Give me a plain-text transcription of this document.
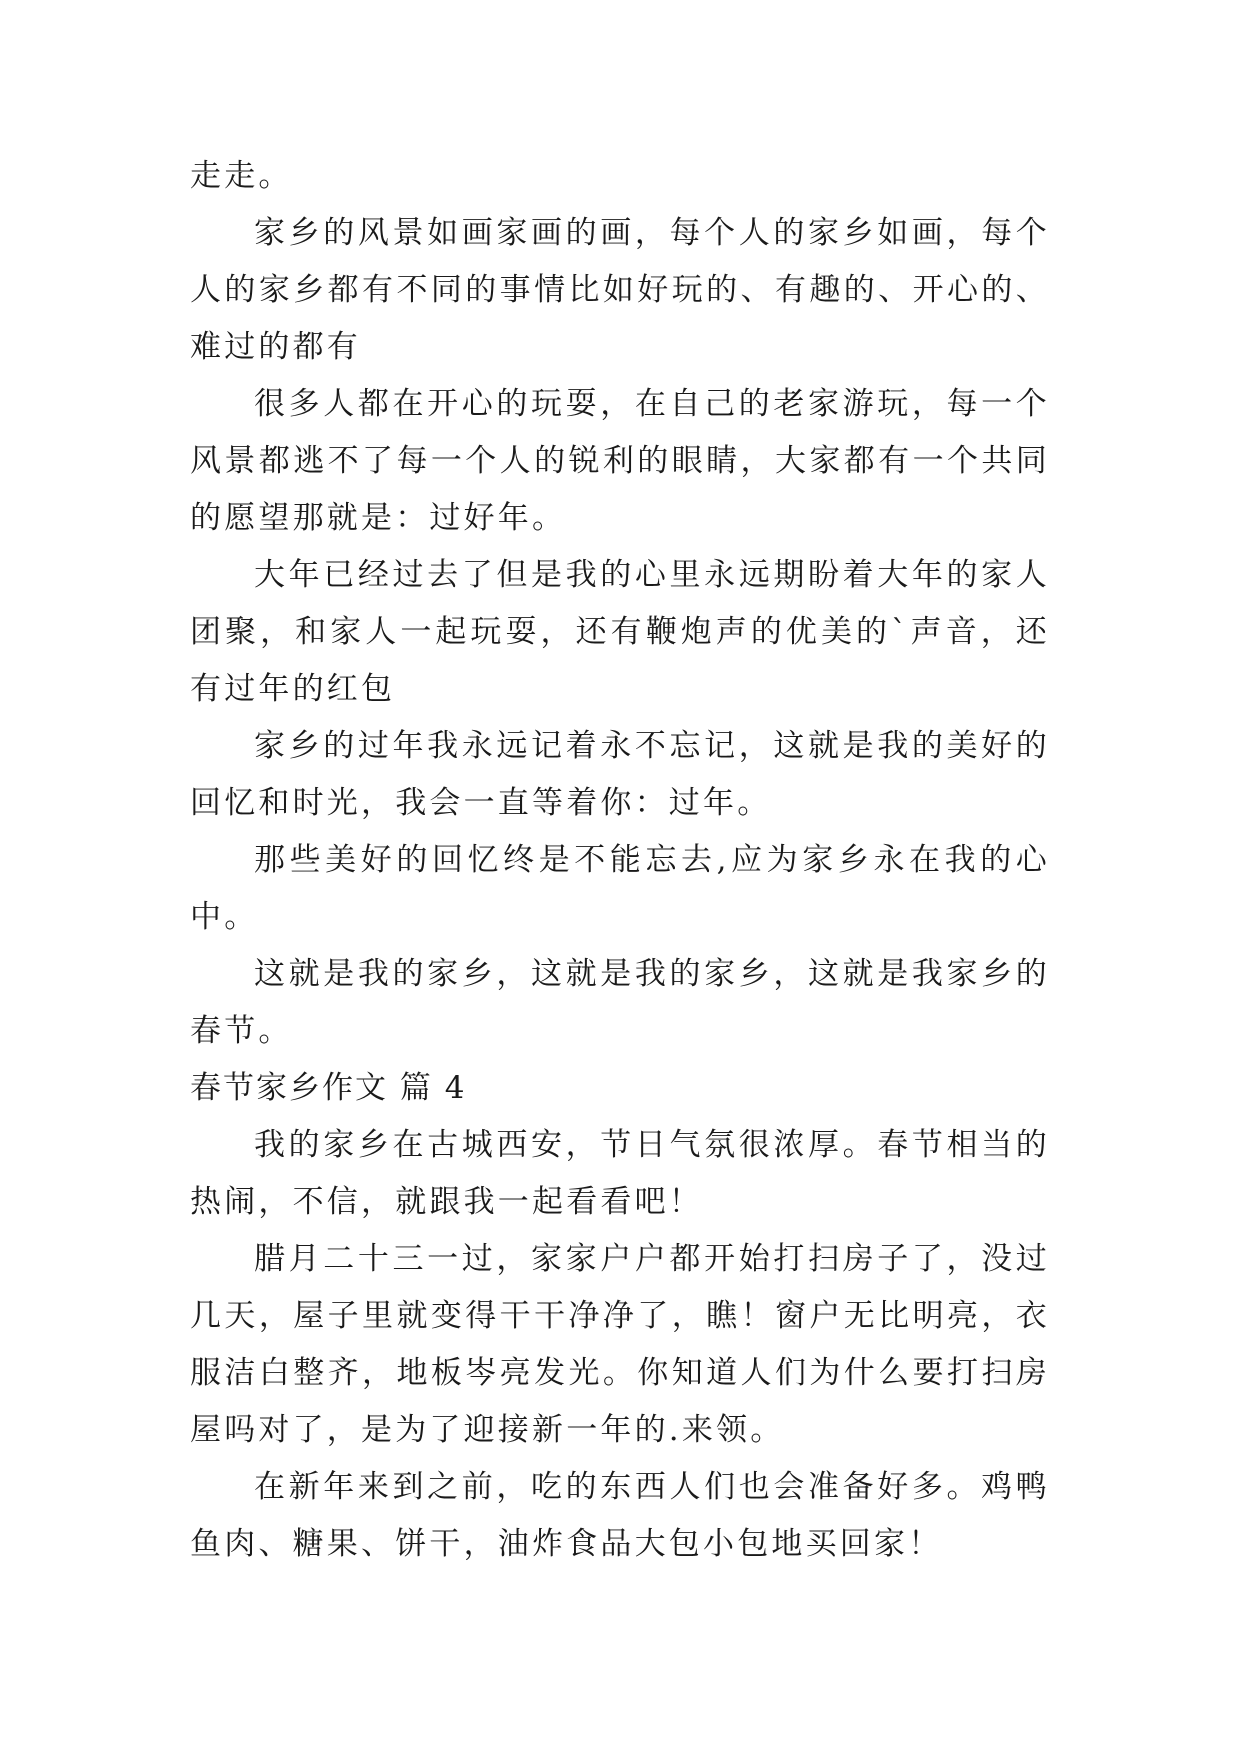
走走。

家乡的风景如画家画的画，每个人的家乡如画，每个人的家乡都有不同的事情比如好玩的、有趣的、开心的、难过的都有

很多人都在开心的玩耍，在自己的老家游玩，每一个风景都逃不了每一个人的锐利的眼睛，大家都有一个共同的愿望那就是：过好年。

大年已经过去了但是我的心里永远期盼着大年的家人团聚，和家人一起玩耍，还有鞭炮声的优美的`声音，还有过年的红包

家乡的过年我永远记着永不忘记，这就是我的美好的回忆和时光，我会一直等着你：过年。

那些美好的回忆终是不能忘去,应为家乡永在我的心中。

这就是我的家乡，这就是我的家乡，这就是我家乡的春节。

春节家乡作文 篇 4

我的家乡在古城西安，节日气氛很浓厚。春节相当的热闹，不信，就跟我一起看看吧！

腊月二十三一过，家家户户都开始打扫房子了，没过几天，屋子里就变得干干净净了，瞧！窗户无比明亮，衣服洁白整齐，地板岑亮发光。你知道人们为什么要打扫房屋吗对了，是为了迎接新一年的.来领。

在新年来到之前，吃的东西人们也会准备好多。鸡鸭鱼肉、糖果、饼干，油炸食品大包小包地买回家！
